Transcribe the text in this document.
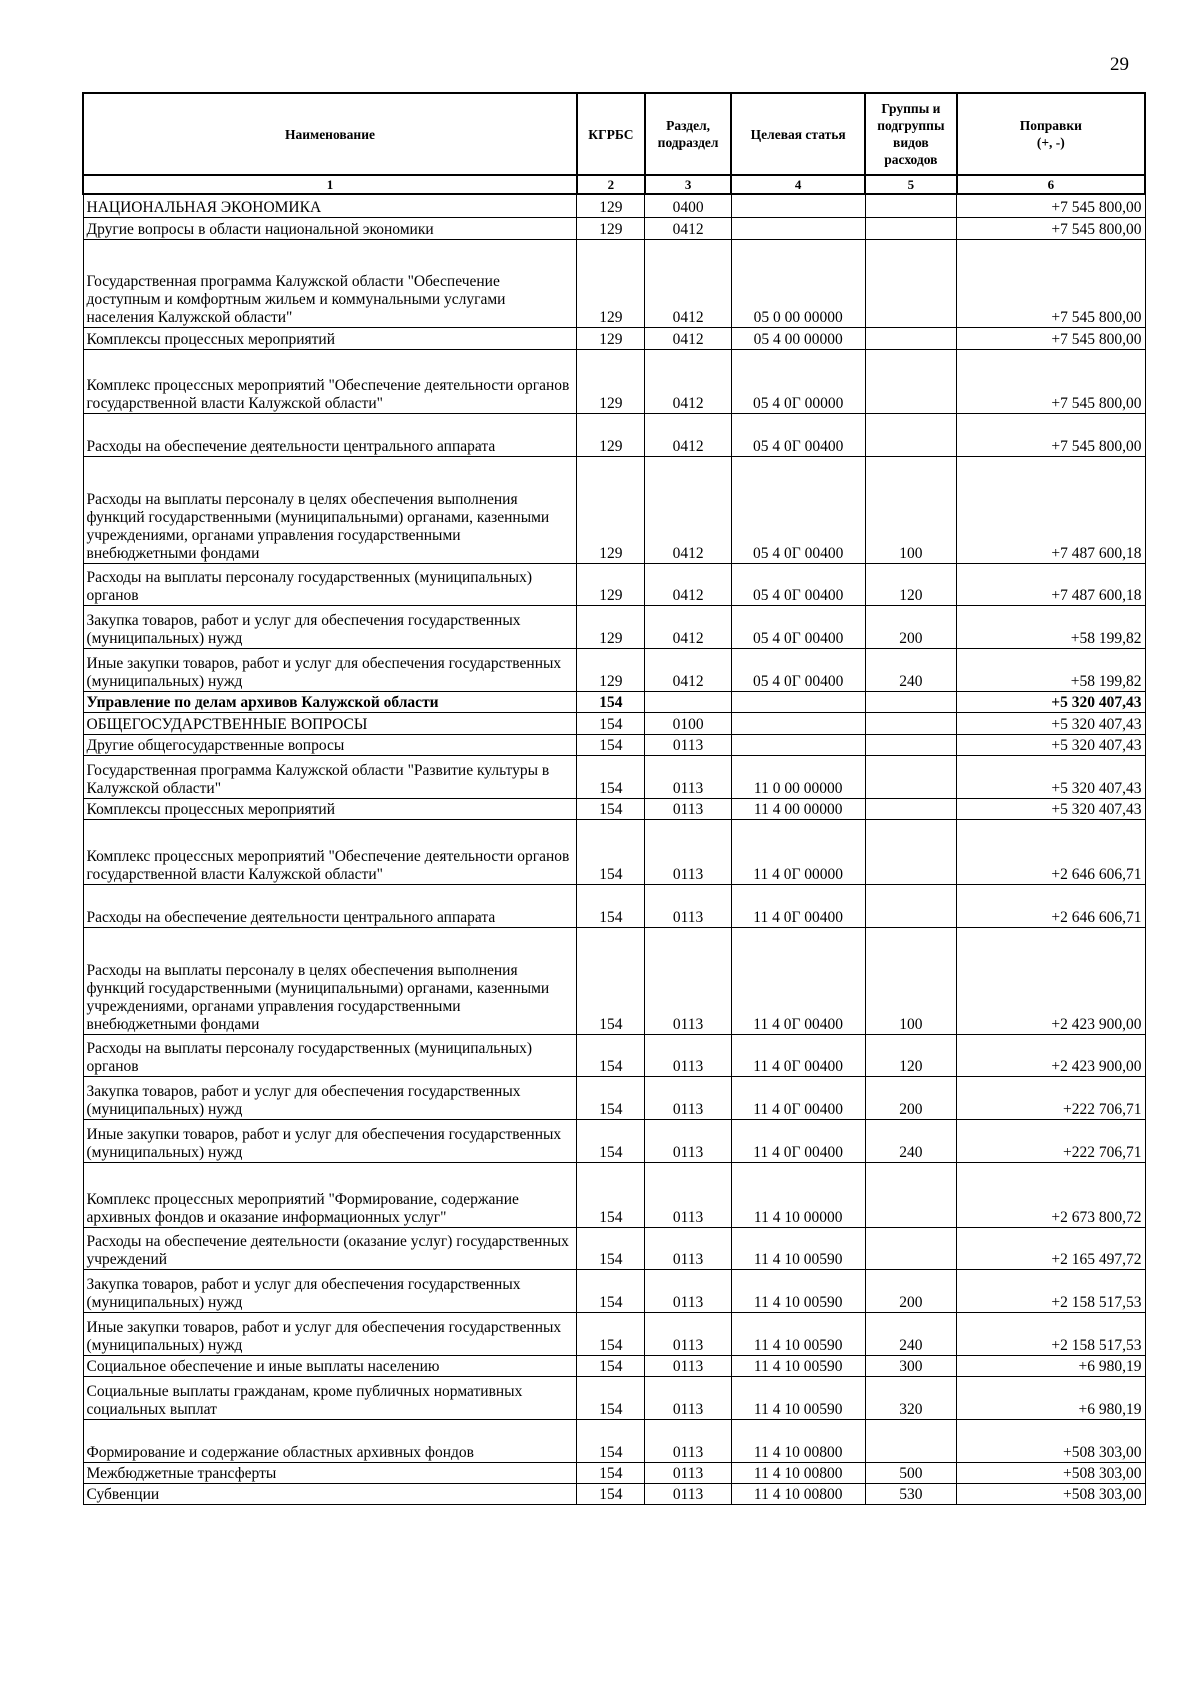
29
Наименование	КГРБС	Раздел, подраздел	Целевая статья	Группы и подгруппы видов расходов	Поправки
(+, -)

1	2	3	4	5	6
НАЦИОНАЛЬНАЯ ЭКОНОМИКА	129	0400			+7 545 800,00
Другие вопросы в области национальной экономики	129	0412			+7 545 800,00
Государственная программа Калужской области "Обеспечение доступным и комфортным жильем и коммунальными услугами населения Калужской области"	129	0412	05 0 00 00000		+7 545 800,00
Комплексы процессных мероприятий	129	0412	05 4 00 00000		+7 545 800,00
Комплекс процессных мероприятий "Обеспечение деятельности органов государственной власти Калужской области"	129	0412	05 4 0Г 00000		+7 545 800,00
Расходы на обеспечение деятельности центрального аппарата	129	0412	05 4 0Г 00400		+7 545 800,00
Расходы на выплаты персоналу в целях обеспечения выполнения функций государственными (муниципальными) органами, казенными учреждениями, органами управления государственными внебюджетными фондами	129	0412	05 4 0Г 00400	100	+7 487 600,18
Расходы на выплаты персоналу государственных (муниципальных) органов	129	0412	05 4 0Г 00400	120	+7 487 600,18
Закупка товаров, работ и услуг для обеспечения государственных (муниципальных) нужд	129	0412	05 4 0Г 00400	200	+58 199,82
Иные закупки товаров, работ и услуг для обеспечения государственных (муниципальных) нужд	129	0412	05 4 0Г 00400	240	+58 199,82
Управление по делам архивов Калужской области	154				+5 320 407,43
ОБЩЕГОСУДАРСТВЕННЫЕ ВОПРОСЫ	154	0100			+5 320 407,43
Другие общегосударственные вопросы	154	0113			+5 320 407,43
Государственная программа Калужской области "Развитие культуры в Калужской области"	154	0113	11 0 00 00000		+5 320 407,43
Комплексы процессных мероприятий	154	0113	11 4 00 00000		+5 320 407,43
Комплекс процессных мероприятий "Обеспечение деятельности органов государственной власти Калужской области"	154	0113	11 4 0Г 00000		+2 646 606,71
Расходы на обеспечение деятельности центрального аппарата	154	0113	11 4 0Г 00400		+2 646 606,71
Расходы на выплаты персоналу в целях обеспечения выполнения функций государственными (муниципальными) органами, казенными учреждениями, органами управления государственными внебюджетными фондами	154	0113	11 4 0Г 00400	100	+2 423 900,00
Расходы на выплаты персоналу государственных (муниципальных) органов	154	0113	11 4 0Г 00400	120	+2 423 900,00
Закупка товаров, работ и услуг для обеспечения государственных (муниципальных) нужд	154	0113	11 4 0Г 00400	200	+222 706,71
Иные закупки товаров, работ и услуг для обеспечения государственных (муниципальных) нужд	154	0113	11 4 0Г 00400	240	+222 706,71
Комплекс процессных мероприятий "Формирование, содержание архивных фондов и оказание информационных услуг"	154	0113	11 4 10 00000		+2 673 800,72
Расходы на обеспечение деятельности (оказание услуг) государственных учреждений	154	0113	11 4 10 00590		+2 165 497,72
Закупка товаров, работ и услуг для обеспечения государственных (муниципальных) нужд	154	0113	11 4 10 00590	200	+2 158 517,53
Иные закупки товаров, работ и услуг для обеспечения государственных (муниципальных) нужд	154	0113	11 4 10 00590	240	+2 158 517,53
Социальное обеспечение и иные выплаты населению	154	0113	11 4 10 00590	300	+6 980,19
Социальные выплаты гражданам, кроме публичных нормативных социальных выплат	154	0113	11 4 10 00590	320	+6 980,19
Формирование и содержание областных архивных фондов	154	0113	11 4 10 00800		+508 303,00
Межбюджетные трансферты	154	0113	11 4 10 00800	500	+508 303,00
Субвенции	154	0113	11 4 10 00800	530	+508 303,00
